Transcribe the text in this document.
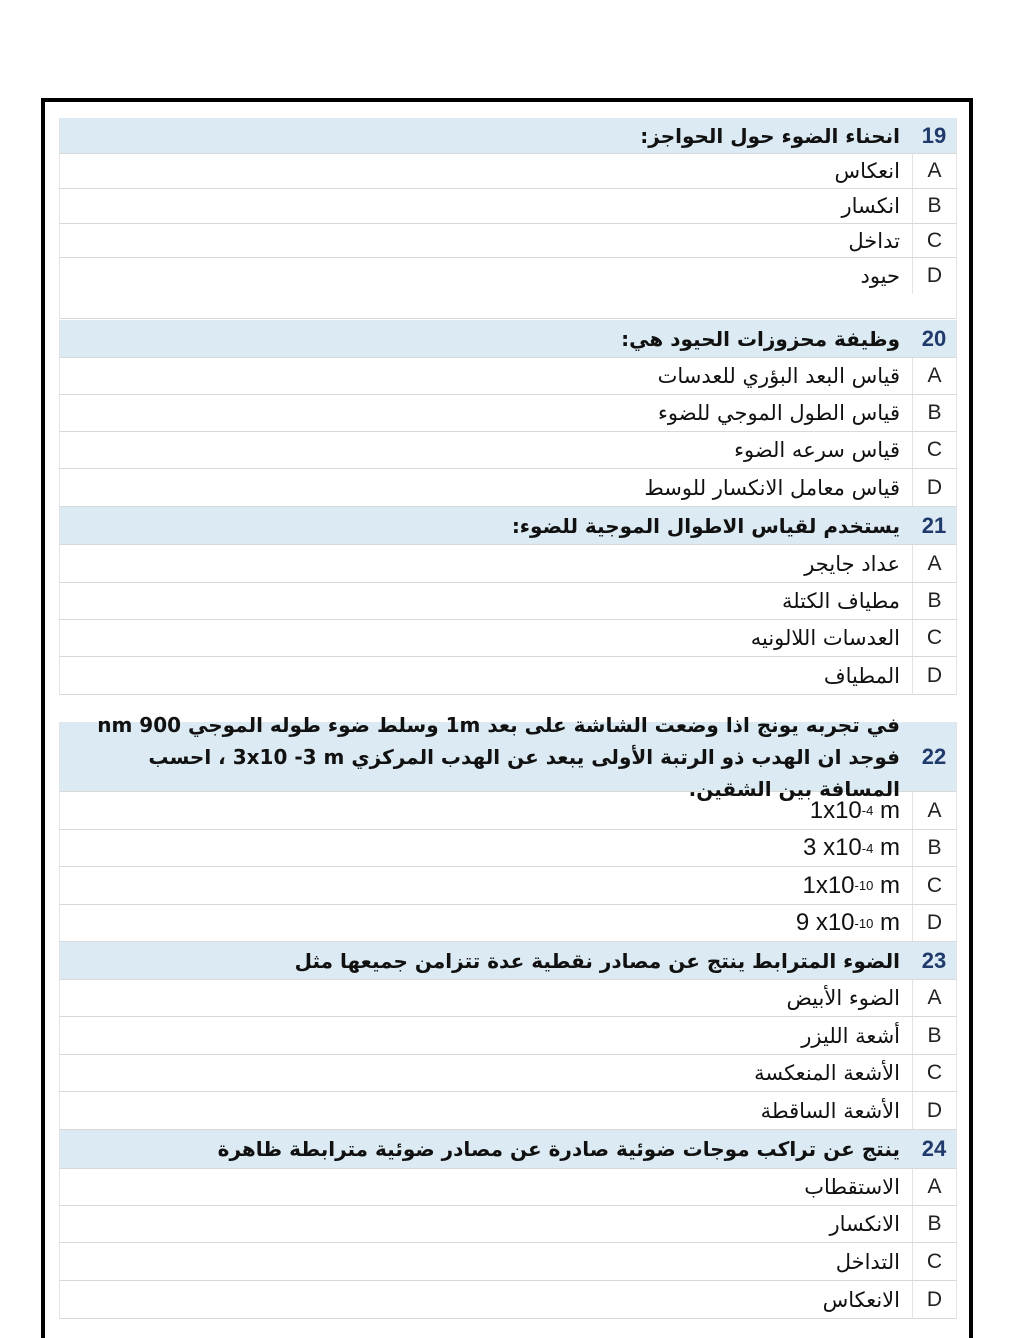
19
انحناء الضوء حول الحواجز:
A
انعكاس
B
انكسار
C
تداخل
D
حيود
20
وظيفة محزوزات الحيود هي:
A
قياس البعد البؤري للعدسات
B
قياس الطول الموجي للضوء
C
قياس سرعه الضوء
D
قياس معامل الانكسار للوسط
21
يستخدم لقياس الاطوال الموجية للضوء:
A
عداد جايجر
B
مطياف الكتلة
C
العدسات اللالونيه
D
المطياف
22
في تجربه يونج اذا وضعت الشاشة على بعد 1m وسلط ضوء طوله الموجي 900 nm فوجد ان الهدب ذو الرتبة الأولى يبعد عن الهدب المركزي 3x10 -3 m ، احسب المسافة بين الشقين.
A
1x10 -4
m
B
3 x10 -4
m
C
1x10 -10
m
D
9 x10 -10
m
23
الضوء المترابط ينتج عن مصادر نقطية عدة تتزامن جميعها مثل
A
الضوء الأبيض
B
أشعة الليزر
C
الأشعة المنعكسة
D
الأشعة الساقطة
24
ينتج عن تراكب موجات ضوئية صادرة عن مصادر ضوئية مترابطة ظاهرة
A
الاستقطاب
B
الانكسار
C
التداخل
D
الانعكاس
